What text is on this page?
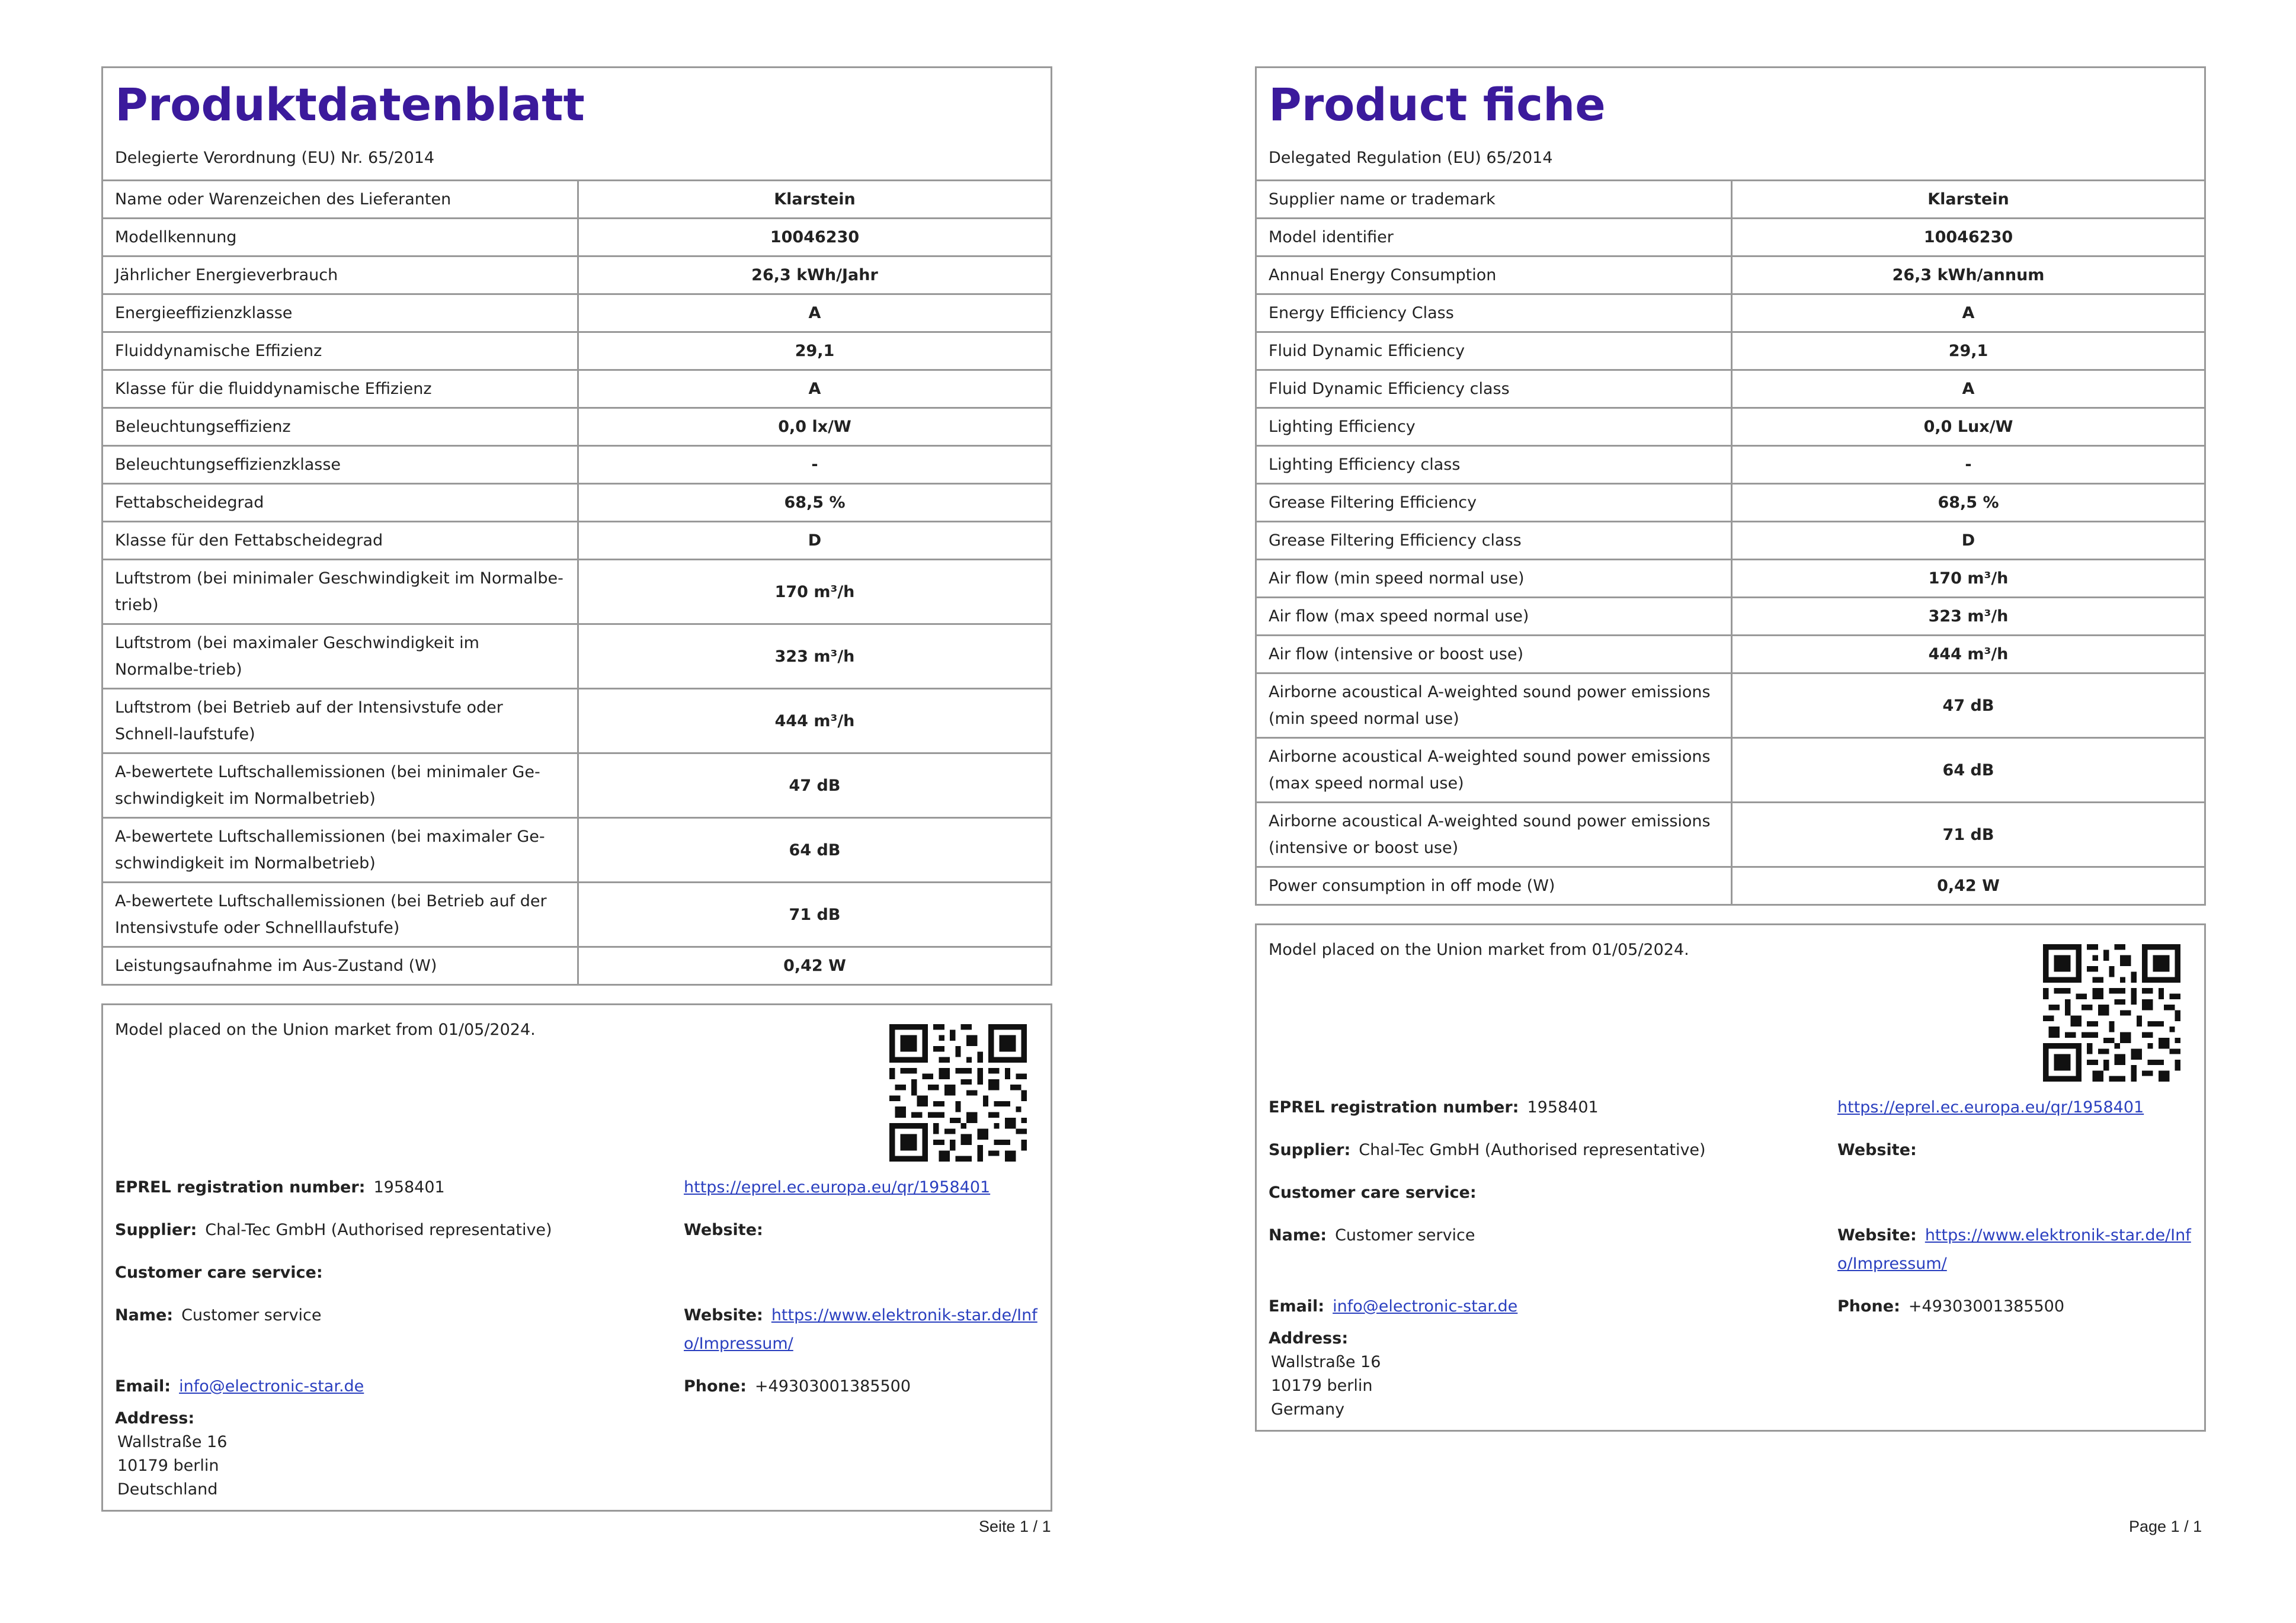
Produktdatenblatt
Delegierte Verordnung (EU) Nr. 65/2014
Name oder Warenzeichen des Lieferanten	Klarstein
Modellkennung	10046230
Jährlicher Energieverbrauch	26,3 kWh/Jahr
Energieeffizienzklasse	A
Fluiddynamische Effizienz	29,1
Klasse für die fluiddynamische Effizienz	A
Beleuchtungseffizienz	0,0 lx/W
Beleuchtungseffizienzklasse	-
Fettabscheidegrad	68,5 %
Klasse für den Fettabscheidegrad	D
Luftstrom (bei minimaler Geschwindigkeit im Normalbe-trieb)	170 m³/h
Luftstrom (bei maximaler Geschwindigkeit im Normalbe-trieb)	323 m³/h
Luftstrom (bei Betrieb auf der Intensivstufe oder Schnell-laufstufe)	444 m³/h
A-bewertete Luftschallemissionen (bei minimaler Ge-schwindigkeit im Normalbetrieb)	47 dB
A-bewertete Luftschallemissionen (bei maximaler Ge-schwindigkeit im Normalbetrieb)	64 dB
A-bewertete Luftschallemissionen (bei Betrieb auf der Intensivstufe oder Schnelllaufstufe)	71 dB
Leistungsaufnahme im Aus-Zustand (W)	0,42 W
Model placed on the Union market from 01/05/2024.
EPREL registration number: 1958401	https://eprel.ec.europa.eu/qr/1958401
Supplier: Chal-Tec GmbH (Authorised representative)	Website:
Customer care service:
Name: Customer service	Website: https://www.elektronik-star.de/Info/Impressum/
Email: info@electronic-star.de	Phone: +49303001385500
Address:
Wallstraße 16
10179 berlin
Deutschland
Product fiche
Delegated Regulation (EU) 65/2014
Supplier name or trademark	Klarstein
Model identifier	10046230
Annual Energy Consumption	26,3 kWh/annum
Energy Efficiency Class	A
Fluid Dynamic Efficiency	29,1
Fluid Dynamic Efficiency class	A
Lighting Efficiency	0,0 Lux/W
Lighting Efficiency class	-
Grease Filtering Efficiency	68,5 %
Grease Filtering Efficiency class	D
Air flow (min speed normal use)	170 m³/h
Air flow (max speed normal use)	323 m³/h
Air flow (intensive or boost use)	444 m³/h
Airborne acoustical A-weighted sound power emissions (min speed normal use)	47 dB
Airborne acoustical A-weighted sound power emissions (max speed normal use)	64 dB
Airborne acoustical A-weighted sound power emissions (intensive or boost use)	71 dB
Power consumption in off mode (W)	0,42 W
Model placed on the Union market from 01/05/2024.
EPREL registration number: 1958401	https://eprel.ec.europa.eu/qr/1958401
Supplier: Chal-Tec GmbH (Authorised representative)	Website:
Customer care service:
Name: Customer service	Website: https://www.elektronik-star.de/Info/Impressum/
Email: info@electronic-star.de	Phone: +49303001385500
Address:
Wallstraße 16
10179 berlin
Germany
Seite 1 / 1	Page 1 / 1
